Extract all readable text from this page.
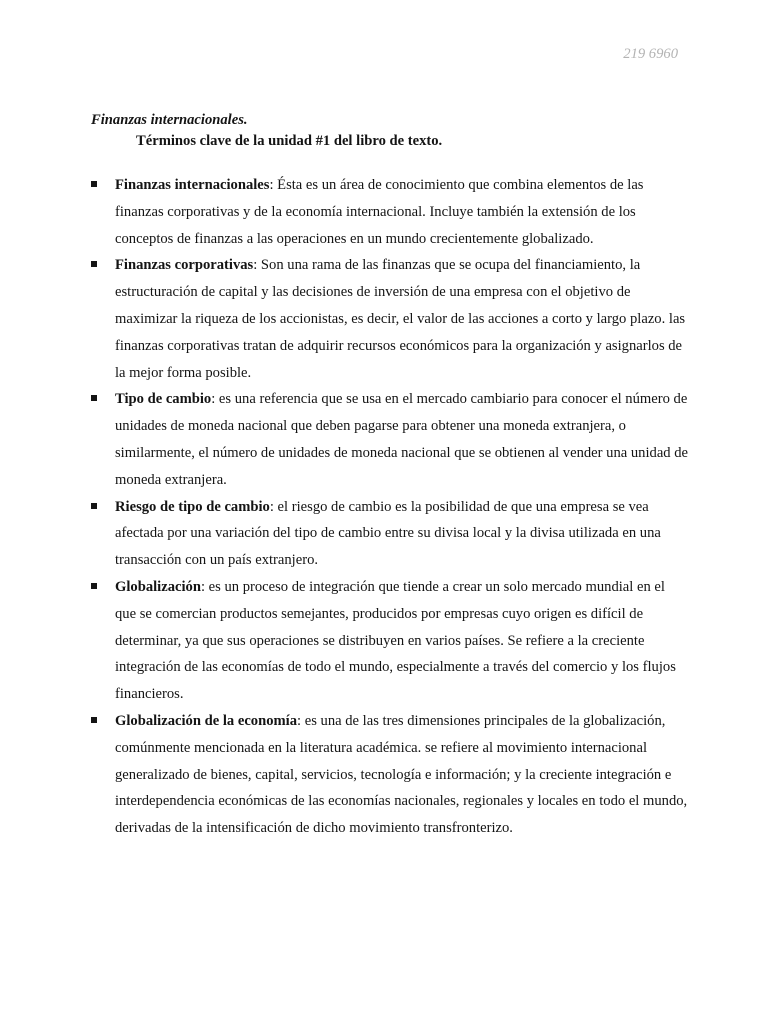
219 6960
Finanzas internacionales.
Términos clave de la unidad #1 del libro de texto.
Finanzas internacionales: Ésta es un área de conocimiento que combina elementos de las finanzas corporativas y de la economía internacional. Incluye también la extensión de los conceptos de finanzas a las operaciones en un mundo crecientemente globalizado.
Finanzas corporativas: Son una rama de las finanzas que se ocupa del financiamiento, la estructuración de capital y las decisiones de inversión de una empresa con el objetivo de maximizar la riqueza de los accionistas, es decir, el valor de las acciones a corto y largo plazo. las finanzas corporativas tratan de adquirir recursos económicos para la organización y asignarlos de la mejor forma posible.
Tipo de cambio: es una referencia que se usa en el mercado cambiario para conocer el número de unidades de moneda nacional que deben pagarse para obtener una moneda extranjera, o similarmente, el número de unidades de moneda nacional que se obtienen al vender una unidad de moneda extranjera.
Riesgo de tipo de cambio: el riesgo de cambio es la posibilidad de que una empresa se vea afectada por una variación del tipo de cambio entre su divisa local y la divisa utilizada en una transacción con un país extranjero.
Globalización: es un proceso de integración que tiende a crear un solo mercado mundial en el que se comercian productos semejantes, producidos por empresas cuyo origen es difícil de determinar, ya que sus operaciones se distribuyen en varios países. Se refiere a la creciente integración de las economías de todo el mundo, especialmente a través del comercio y los flujos financieros.
Globalización de la economía: es una de las tres dimensiones principales de la globalización, comúnmente mencionada en la literatura académica. se refiere al movimiento internacional generalizado de bienes, capital, servicios, tecnología e información; y la creciente integración e interdependencia económicas de las economías nacionales, regionales y locales en todo el mundo, derivadas de la intensificación de dicho movimiento transfronterizo.
